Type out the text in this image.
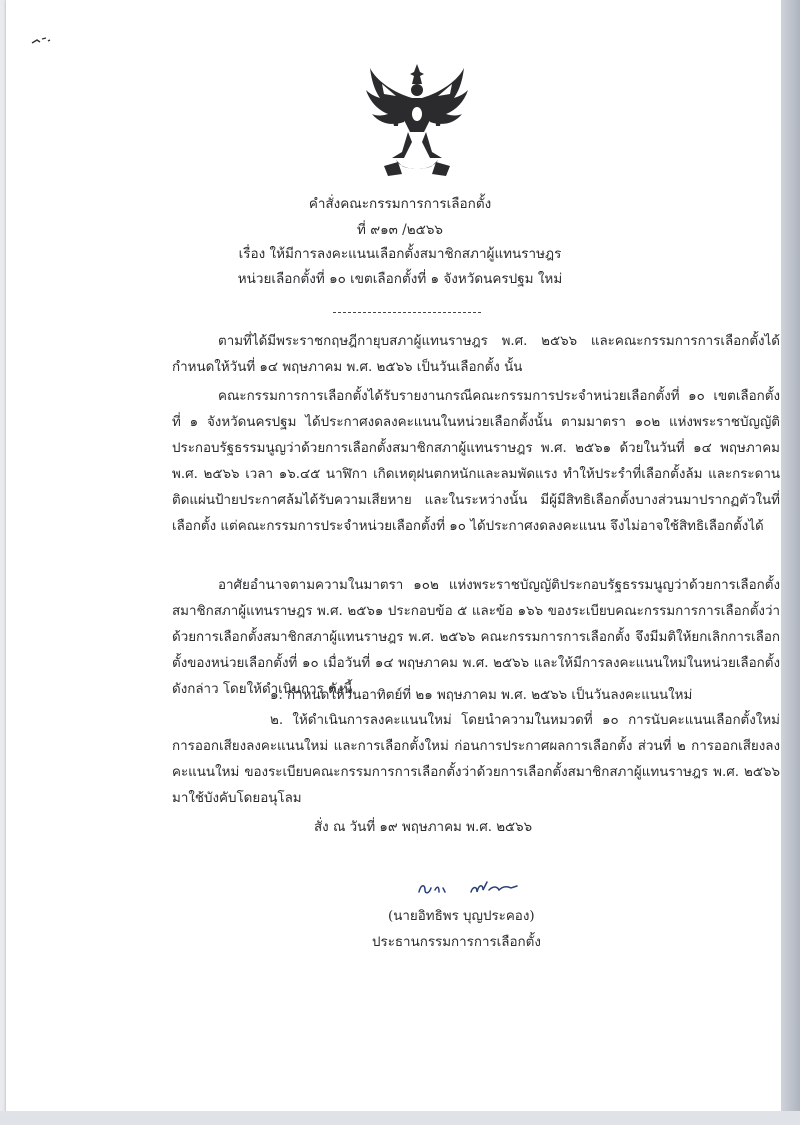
คำสั่งคณะกรรมการการเลือกตั้ง
ที่ ๙๑๓ /๒๕๖๖
เรื่อง ให้มีการลงคะแนนเลือกตั้งสมาชิกสภาผู้แทนราษฎร
หน่วยเลือกตั้งที่ ๑๐ เขตเลือกตั้งที่ ๑ จังหวัดนครปฐม ใหม่
ตามที่ได้มีพระราชกฤษฎีกายุบสภาผู้แทนราษฎร พ.ศ. ๒๕๖๖ และคณะกรรมการการเลือกตั้งได้กำหนดให้วันที่ ๑๔ พฤษภาคม พ.ศ. ๒๕๖๖ เป็นวันเลือกตั้ง นั้น
คณะกรรมการการเลือกตั้งได้รับรายงานกรณีคณะกรรมการประจำหน่วยเลือกตั้งที่ ๑๐ เขตเลือกตั้งที่ ๑ จังหวัดนครปฐม ได้ประกาศงดลงคะแนนในหน่วยเลือกตั้งนั้น ตามมาตรา ๑๐๒ แห่งพระราชบัญญัติประกอบรัฐธรรมนูญว่าด้วยการเลือกตั้งสมาชิกสภาผู้แทนราษฎร พ.ศ. ๒๕๖๑ ด้วยในวันที่ ๑๔ พฤษภาคม พ.ศ. ๒๕๖๖ เวลา ๑๖.๔๕ นาฬิกา เกิดเหตุฝนตกหนักและลมพัดแรง ทำให้ประรำที่เลือกตั้งล้ม และกระดานติดแผ่นป้ายประกาศล้มได้รับความเสียหาย และในระหว่างนั้น มีผู้มีสิทธิเลือกตั้งบางส่วนมาปรากฏตัวในที่เลือกตั้ง แต่คณะกรรมการประจำหน่วยเลือกตั้งที่ ๑๐ ได้ประกาศงดลงคะแนน จึงไม่อาจใช้สิทธิเลือกตั้งได้
อาศัยอำนาจตามความในมาตรา ๑๐๒ แห่งพระราชบัญญัติประกอบรัฐธรรมนูญว่าด้วยการเลือกตั้งสมาชิกสภาผู้แทนราษฎร พ.ศ. ๒๕๖๑ ประกอบข้อ ๕ และข้อ ๑๖๖ ของระเบียบคณะกรรมการการเลือกตั้งว่าด้วยการเลือกตั้งสมาชิกสภาผู้แทนราษฎร พ.ศ. ๒๕๖๖ คณะกรรมการการเลือกตั้ง จึงมีมติให้ยกเลิกการเลือกตั้งของหน่วยเลือกตั้งที่ ๑๐ เมื่อวันที่ ๑๔ พฤษภาคม พ.ศ. ๒๕๖๖ และให้มีการลงคะแนนใหม่ในหน่วยเลือกตั้งดังกล่าว โดยให้ดำเนินการ ดังนี้
๑. กำหนดให้วันอาทิตย์ที่ ๒๑ พฤษภาคม พ.ศ. ๒๕๖๖ เป็นวันลงคะแนนใหม่
๒. ให้ดำเนินการลงคะแนนใหม่ โดยนำความในหมวดที่ ๑๐ การนับคะแนนเลือกตั้งใหม่ การออกเสียงลงคะแนนใหม่ และการเลือกตั้งใหม่ ก่อนการประกาศผลการเลือกตั้ง ส่วนที่ ๒ การออกเสียงลงคะแนนใหม่ ของระเบียบคณะกรรมการการเลือกตั้งว่าด้วยการเลือกตั้งสมาชิกสภาผู้แทนราษฎร พ.ศ. ๒๕๖๖ มาใช้บังคับโดยอนุโลม
สั่ง ณ วันที่ ๑๙ พฤษภาคม พ.ศ. ๒๕๖๖
(นายอิทธิพร บุญประคอง)
ประธานกรรมการการเลือกตั้ง
